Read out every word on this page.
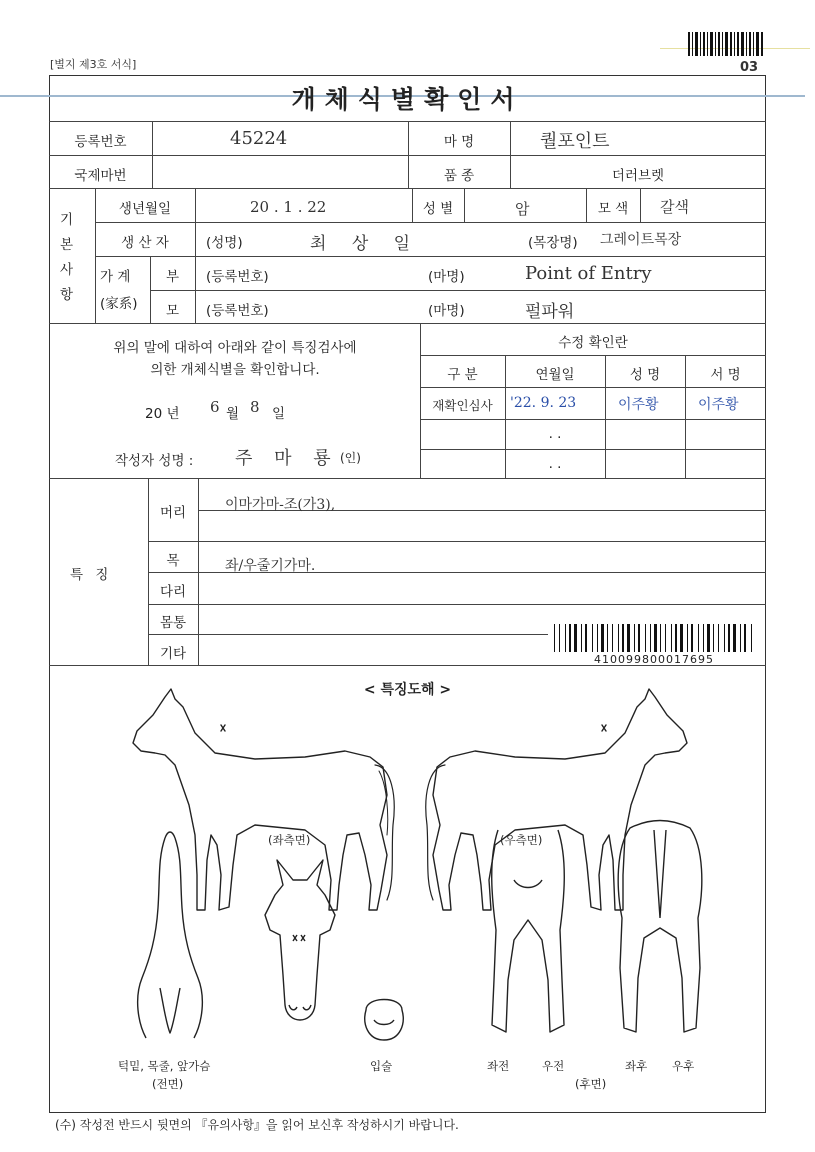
[별지 제3호 서식]	03
개체식별확인서
등록번호	45224	마 명	퀄포인트
국제마번	품 종	더러브렛
기
본
사
항
생년월일	20 . 1 . 22	성 별	암	모 색	갈색
생 산 자	(성명)	최 상 일	(목장명) 그레이트목장
가 계
(家系)
부	(등록번호)	(마명)	Point of Entry
모	(등록번호)	(마명)	펄파워
위의 말에 대하여 아래와 같이 특징검사에
의한 개체식별을 확인합니다.
20 년 6 월 8 일
작성자 성명 : 주 마 룡 (인)
수정 확인란
구 분	연월일	성 명	서 명
재확인심사	'22. 9. 23	이주황	이주황
. .
. .
특 징
머리	이마가마-조(가3),
목	좌/우줄기가마.
다리
몸통
기타	410099800017695
< 특징도해 >
(좌측면)	(우측면)
턱밑, 목줄, 앞가슴
(전면)
입술	좌전	우전
(후면)
좌후 우후
(수) 작성전 반드시 뒷면의 『유의사항』을 읽어 보신후 작성하시기 바랍니다.
